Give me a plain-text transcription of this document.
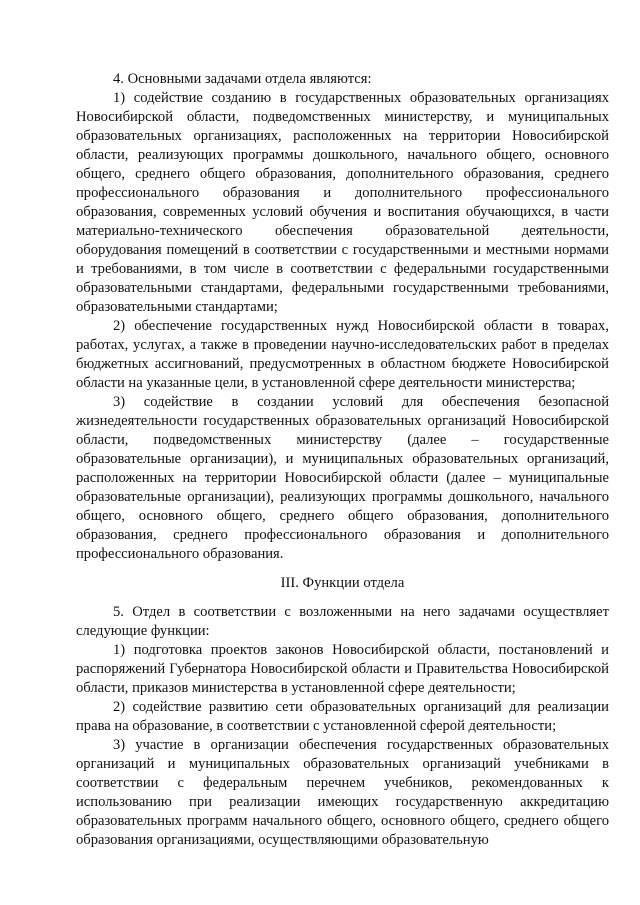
4. Основными задачами отдела являются:

1) содействие созданию в государственных образовательных организациях Новосибирской области, подведомственных министерству, и муниципальных образовательных организациях, расположенных на территории Новосибирской области, реализующих программы дошкольного, начального общего, основного общего, среднего общего образования, дополнительного образования, среднего профессионального образования и дополнительного профессионального образования, современных условий обучения и воспитания обучающихся, в части материально-технического обеспечения образовательной деятельности, оборудования помещений в соответствии с государственными и местными нормами и требованиями, в том числе в соответствии с федеральными государственными образовательными стандартами, федеральными государственными требованиями, образовательными стандартами;

2) обеспечение государственных нужд Новосибирской области в товарах, работах, услугах, а также в проведении научно-исследовательских работ в пределах бюджетных ассигнований, предусмотренных в областном бюджете Новосибирской области на указанные цели, в установленной сфере деятельности министерства;

3) содействие в создании условий для обеспечения безопасной жизнедеятельности государственных образовательных организаций Новосибирской области, подведомственных министерству (далее – государственные образовательные организации), и муниципальных образовательных организаций, расположенных на территории Новосибирской области (далее – муниципальные образовательные организации), реализующих программы дошкольного, начального общего, основного общего, среднего общего образования, дополнительного образования, среднего профессионального образования и дополнительного профессионального образования.

III. Функции отдела

5. Отдел в соответствии с возложенными на него задачами осуществляет следующие функции:

1) подготовка проектов законов Новосибирской области, постановлений и распоряжений Губернатора Новосибирской области и Правительства Новосибирской области, приказов министерства в установленной сфере деятельности;

2) содействие развитию сети образовательных организаций для реализации права на образование, в соответствии с установленной сферой деятельности;

3) участие в организации обеспечения государственных образовательных организаций и муниципальных образовательных организаций учебниками в соответствии с федеральным перечнем учебников, рекомендованных к использованию при реализации имеющих государственную аккредитацию образовательных программ начального общего, основного общего, среднего общего образования организациями, осуществляющими образовательную
